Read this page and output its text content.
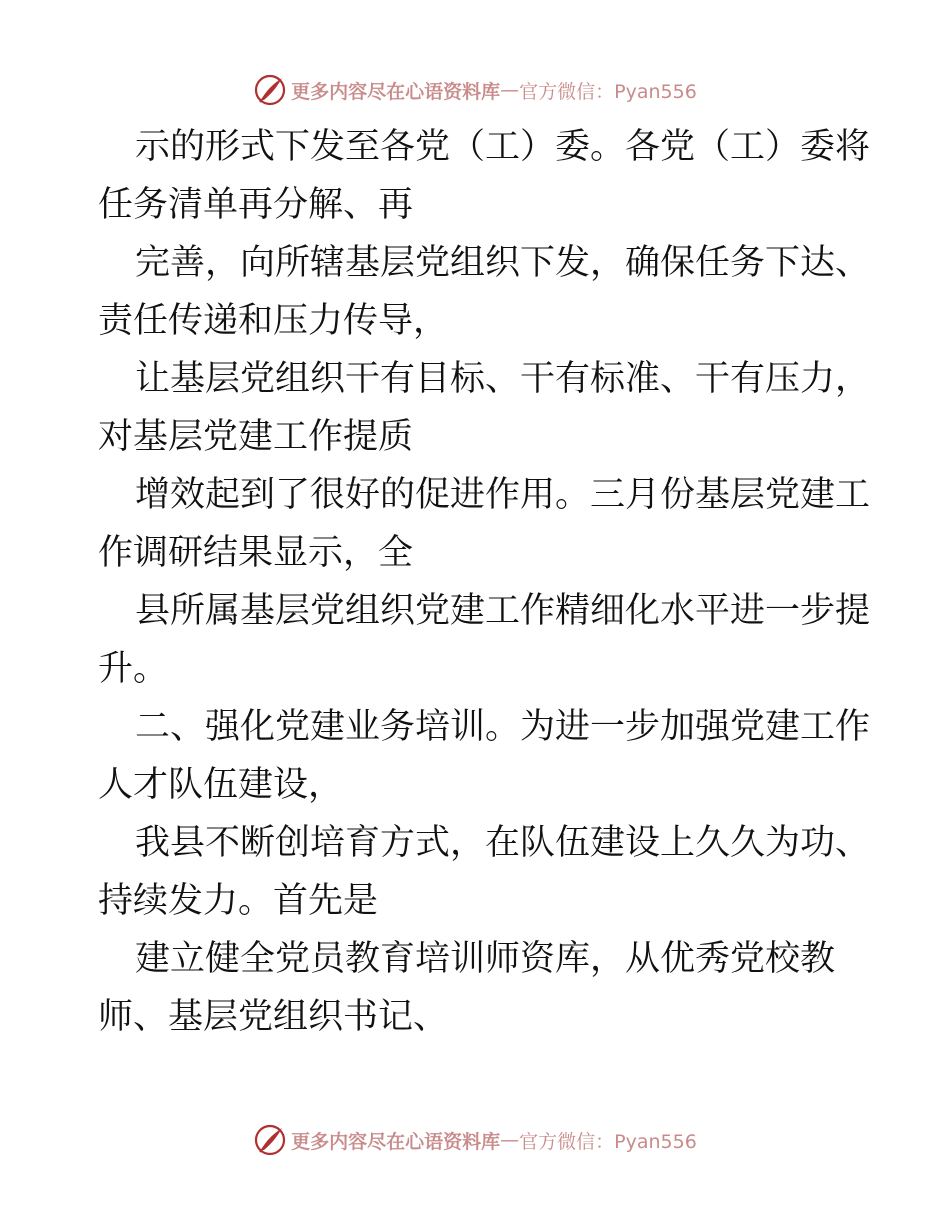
更多内容尽在心语资料库 — 官方微信：Pyan556
示的形式下发至各党（工）委。各党（工）委将
任务清单再分解、再
完善，向所辖基层党组织下发，确保任务下达、
责任传递和压力传导，
让基层党组织干有目标、干有标准、干有压力，
对基层党建工作提质
增效起到了很好的促进作用。三月份基层党建工
作调研结果显示，全
县所属基层党组织党建工作精细化水平进一步提
升。
二、强化党建业务培训。为进一步加强党建工作
人才队伍建设，
我县不断创培育方式，在队伍建设上久久为功、
持续发力。首先是
建立健全党员教育培训师资库，从优秀党校教
师、基层党组织书记、
更多内容尽在心语资料库 — 官方微信：Pyan556
